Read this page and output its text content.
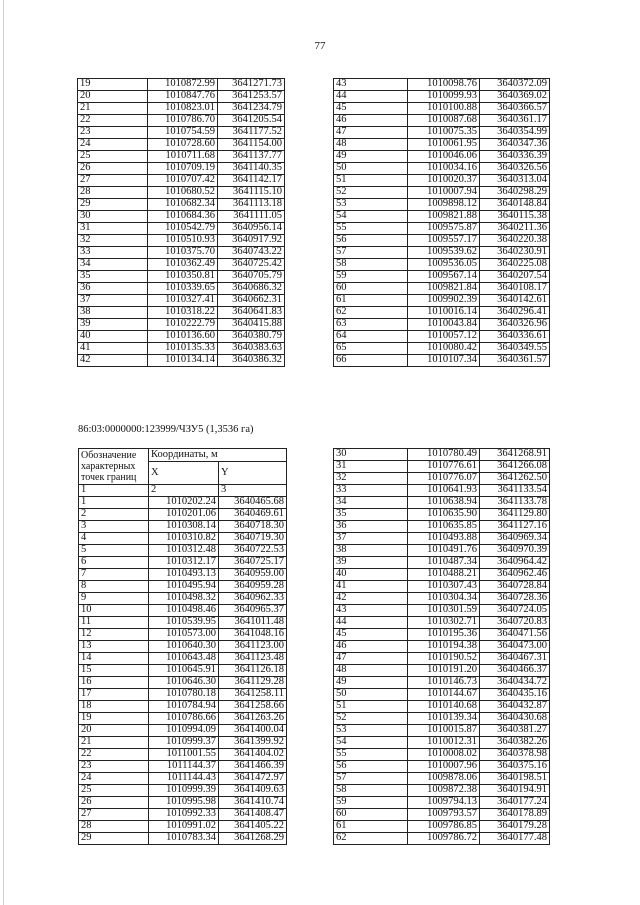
77
19	1010872.99	3641271.73
20	1010847.76	3641253.57
21	1010823.01	3641234.79
22	1010786.70	3641205.54
23	1010754.59	3641177.52
24	1010728.60	3641154.00
25	1010711.68	3641137.77
26	1010709.19	3641140.35
27	1010707.42	3641142.17
28	1010680.52	3641115.10
29	1010682.34	3641113.18
30	1010684.36	3641111.05
31	1010542.79	3640956.14
32	1010510.93	3640917.92
33	1010375.70	3640743.22
34	1010362.49	3640725.42
35	1010350.81	3640705.79
36	1010339.65	3640686.32
37	1010327.41	3640662.31
38	1010318.22	3640641.83
39	1010222.79	3640415.88
40	1010136.60	3640380.79
41	1010135.33	3640383.63
42	1010134.14	3640386.32
43	1010098.76	3640372.09
44	1010099.93	3640369.02
45	1010100.88	3640366.57
46	1010087.68	3640361.17
47	1010075.35	3640354.99
48	1010061.95	3640347.36
49	1010046.06	3640336.39
50	1010034.16	3640326.56
51	1010020.37	3640313.04
52	1010007.94	3640298.29
53	1009898.12	3640148.84
54	1009821.88	3640115.38
55	1009575.87	3640211.36
56	1009557.17	3640220.38
57	1009539.62	3640230.91
58	1009536.05	3640225.08
59	1009567.14	3640207.54
60	1009821.84	3640108.17
61	1009902.39	3640142.61
62	1010016.14	3640296.41
63	1010043.84	3640326.96
64	1010057.12	3640336.61
65	1010080.42	3640349.55
66	1010107.34	3640361.57
86:03:0000000:123999/ЧЗУ5 (1,3536 га)
Обозначение характерных точек границ	Координаты, м	
	X	Y
1	2	3
1	1010202.24	3640465.68
2	1010201.06	3640469.61
3	1010308.14	3640718.30
4	1010310.82	3640719.30
5	1010312.48	3640722.53
6	1010312.17	3640725.17
7	1010493.13	3640959.00
8	1010495.94	3640959.28
9	1010498.32	3640962.33
10	1010498.46	3640965.37
11	1010539.95	3641011.48
12	1010573.00	3641048.16
13	1010640.30	3641123.00
14	1010643.48	3641123.48
15	1010645.91	3641126.18
16	1010646.30	3641129.28
17	1010780.18	3641258.11
18	1010784.94	3641258.66
19	1010786.66	3641263.26
20	1010994.09	3641400.04
21	1010999.37	3641399.92
22	1011001.55	3641404.02
23	1011144.37	3641466.39
24	1011144.43	3641472.97
25	1010999.39	3641409.63
26	1010995.98	3641410.74
27	1010992.33	3641408.47
28	1010991.02	3641405.22
29	1010783.34	3641268.29
30	1010780.49	3641268.91
31	1010776.61	3641266.08
32	1010776.07	3641262.50
33	1010641.93	3641133.54
34	1010638.94	3641133.78
35	1010635.90	3641129.80
36	1010635.85	3641127.16
37	1010493.88	3640969.34
38	1010491.76	3640970.39
39	1010487.34	3640964.42
40	1010488.21	3640962.46
41	1010307.43	3640728.84
42	1010304.34	3640728.36
43	1010301.59	3640724.05
44	1010302.71	3640720.83
45	1010195.36	3640471.56
46	1010194.38	3640473.00
47	1010190.52	3640467.31
48	1010191.20	3640466.37
49	1010146.73	3640434.72
50	1010144.67	3640435.16
51	1010140.68	3640432.87
52	1010139.34	3640430.68
53	1010015.87	3640381.27
54	1010012.31	3640382.26
55	1010008.02	3640378.98
56	1010007.96	3640375.16
57	1009878.06	3640198.51
58	1009872.38	3640194.91
59	1009794.13	3640177.24
60	1009793.57	3640178.89
61	1009786.85	3640179.28
62	1009786.72	3640177.48
